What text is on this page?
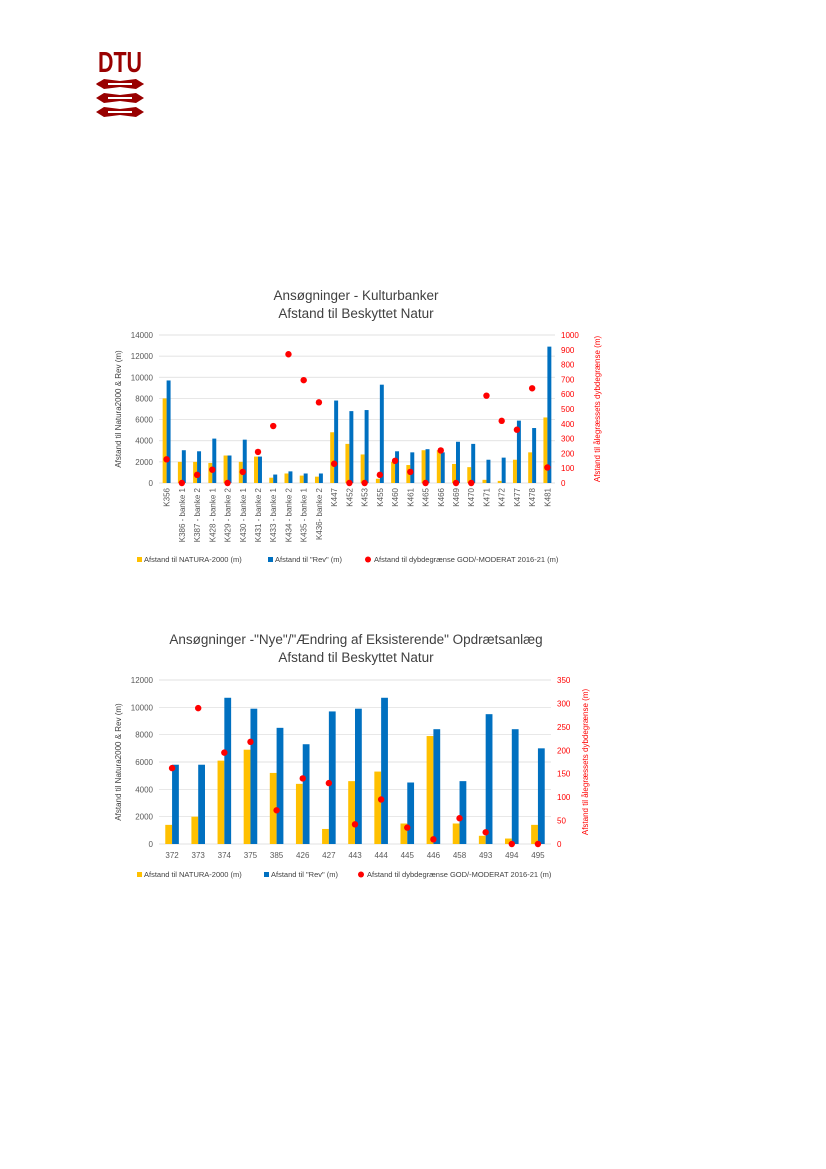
DTU
Ansøgninger - Kulturbanker
Afstand til Beskyttet Natur
0
2000
4000
6000
8000
10000
12000
14000
0
100
200
300
400
500
600
700
800
900
1000
K356 K386 - banke 1 K387 - banke 2 K428 - banke 1 K429 - banke 2 K430 - banke 1 K431 - banke 2 K433 - banke 1 K434 - banke 2 K435 - banke 1 K436- banke 2 K447 K452 K453 K455 K460 K461 K465 K466 K469 K470 K471 K472 K477 K478 K481
Afstand til Natura2000 & Rev (m)	Afstand til ålegræssets dybdegrænse (m)
Afstand til NATURA-2000 (m)	Afstand til "Rev" (m)	Afstand til dybdegrænse GOD/-MODERAT 2016-21 (m)
Ansøgninger -"Nye"/"Ændring af Eksisterende" Opdrætsanlæg
Afstand til Beskyttet Natur
0
2000
4000
6000
8000
10000
12000
0
50
100
150
200
250
300
350
372 373 374 375 385 426 427 443 444 445 446 458 493 494 495
Afstand til Natura2000 & Rev (m)	Afstand til ålegræssets dybdegrænse (m)
Afstand til NATURA-2000 (m)	Afstand til "Rev" (m)	Afstand til dybdegrænse GOD/-MODERAT 2016-21 (m)
